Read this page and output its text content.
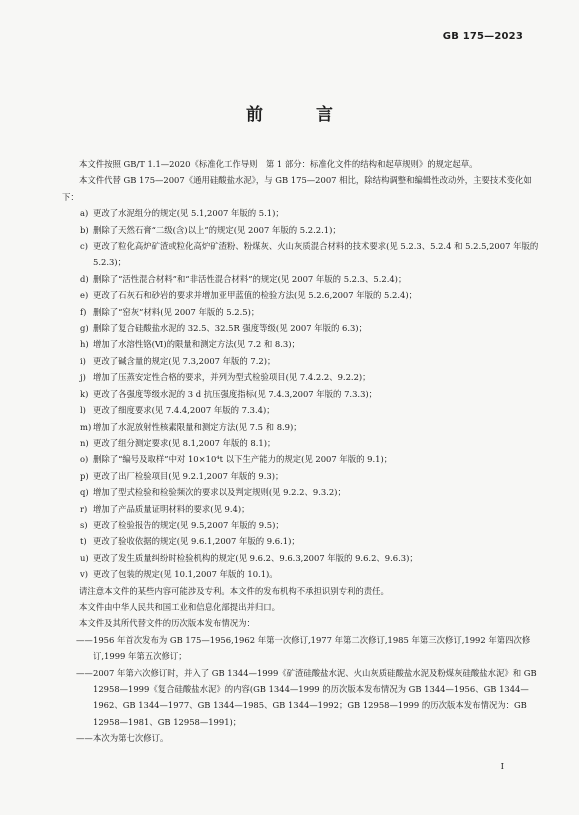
GB 175—2023
前　言

本文件按照 GB/T 1.1—2020《标准化工作导则　第 1 部分：标准化文件的结构和起草规则》的规定起草。

本文件代替 GB 175—2007《通用硅酸盐水泥》，与 GB 175—2007 相比，除结构调整和编辑性改动外，主要技术变化如下：

a) 更改了水泥组分的规定(见 5.1,2007 年版的 5.1)；
b) 删除了天然石膏“二级(含)以上”的规定(见 2007 年版的 5.2.2.1)；
c) 更改了粒化高炉矿渣或粒化高炉矿渣粉、粉煤灰、火山灰质混合材料的技术要求(见 5.2.3、5.2.4 和 5.2.5,2007 年版的 5.2.3)；
d) 删除了“活性混合材料”和“非活性混合材料”的规定(见 2007 年版的 5.2.3、5.2.4)；
e) 更改了石灰石和砂岩的要求并增加亚甲蓝值的检验方法(见 5.2.6,2007 年版的 5.2.4)；
f) 删除了“窑灰”材料(见 2007 年版的 5.2.5)；
g) 删除了复合硅酸盐水泥的 32.5、32.5R 强度等级(见 2007 年版的 6.3)；
h) 增加了水溶性铬(Ⅵ)的限量和测定方法(见 7.2 和 8.3)；
i) 更改了碱含量的规定(见 7.3,2007 年版的 7.2)；
j) 增加了压蒸安定性合格的要求，并列为型式检验项目(见 7.4.2.2、9.2.2)；
k) 更改了各强度等级水泥的 3 d 抗压强度指标(见 7.4.3,2007 年版的 7.3.3)；
l) 更改了细度要求(见 7.4.4,2007 年版的 7.3.4)；
m) 增加了水泥放射性核素限量和测定方法(见 7.5 和 8.9)；
n) 更改了组分测定要求(见 8.1,2007 年版的 8.1)；
o) 删除了“编号及取样”中对 10×10⁴t 以下生产能力的规定(见 2007 年版的 9.1)；
p) 更改了出厂检验项目(见 9.2.1,2007 年版的 9.3)；
q) 增加了型式检验和检验频次的要求以及判定规则(见 9.2.2、9.3.2)；
r) 增加了产品质量证明材料的要求(见 9.4)；
s) 更改了检验报告的规定(见 9.5,2007 年版的 9.5)；
t) 更改了验收依据的规定(见 9.6.1,2007 年版的 9.6.1)；
u) 更改了发生质量纠纷时检验机构的规定(见 9.6.2、9.6.3,2007 年版的 9.6.2、9.6.3)；
v) 更改了包装的规定(见 10.1,2007 年版的 10.1)。

请注意本文件的某些内容可能涉及专利。本文件的发布机构不承担识别专利的责任。

本文件由中华人民共和国工业和信息化部提出并归口。

本文件及其所代替文件的历次版本发布情况为：

—— 1956 年首次发布为 GB 175—1956,1962 年第一次修订,1977 年第二次修订,1985 年第三次修订,1992 年第四次修订,1999 年第五次修订；
—— 2007 年第六次修订时，并入了 GB 1344—1999《矿渣硅酸盐水泥、火山灰质硅酸盐水泥及粉煤灰硅酸盐水泥》和 GB 12958—1999《复合硅酸盐水泥》的内容(GB 1344—1999 的历次版本发布情况为 GB 1344—1956、GB 1344—1962、GB 1344—1977、GB 1344—1985、GB 1344—1992；GB 12958—1999 的历次版本发布情况为：GB 12958—1981、GB 12958—1991)；
—— 本次为第七次修订。
Ⅰ
